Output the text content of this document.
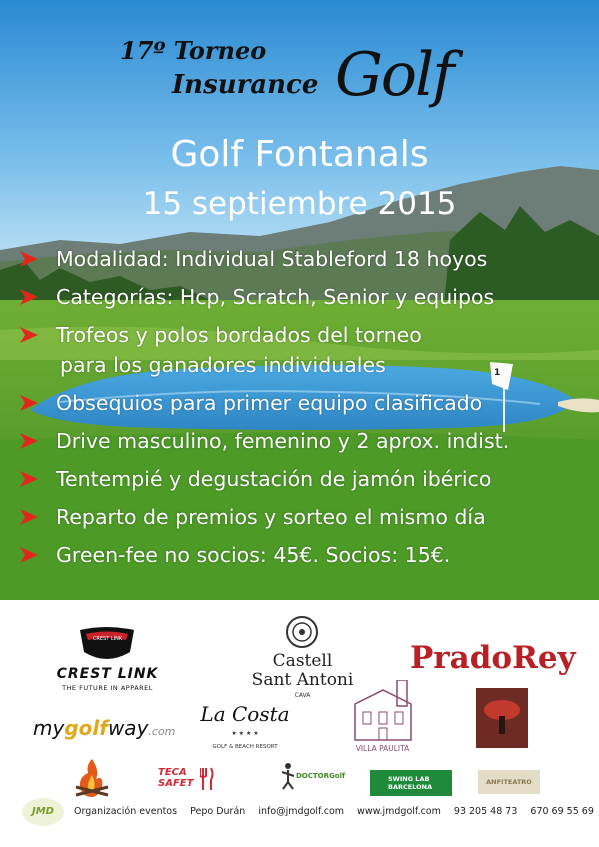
1
17º Torneo
Insurance Golf
Golf Fontanals
15 septiembre 2015
Modalidad: Individual Stableford 18 hoyos
Categorías: Hcp, Scratch, Senior y equipos
Trofeos y polos bordados del torneo
para los ganadores individuales
Obsequios para primer equipo clasificado
Drive masculino, femenino y 2 aprox. indist.
Tentempié y degustación de jamón ibérico
Reparto de premios y sorteo el mismo día
Green-fee no socios: 45€. Socios: 15€.
CREST LINK
CREST LINK
THE FUTURE IN APPAREL
Castell
Sant Antoni
CAVA
PradoRey
mygolfway.com
La Costa
★ ★ ★ ★
GOLF & BEACH RESORT	VILLA PAULITA
TECA SAFET
DOCTORGolf	SWING LAB BARCELONA
ANFITEATRO
JMD	Organización eventos Pepo Durán info@jmdgolf.com www.jmdgolf.com 93 205 48 73 670 69 55 69
